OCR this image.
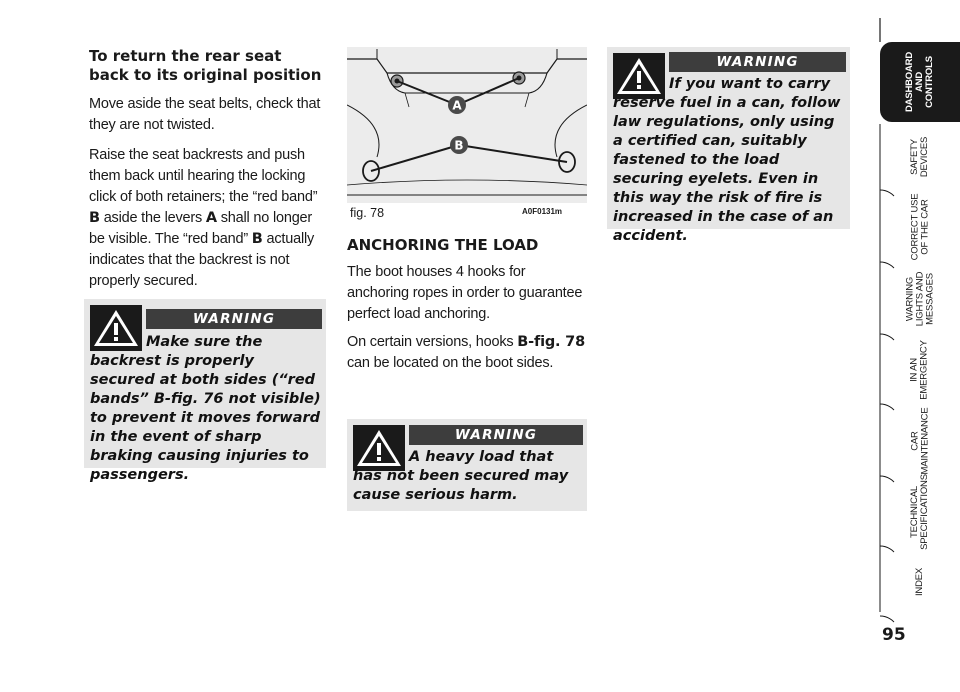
To return the rear seat
back to its original position

Move aside the seat belts, check that they are not twisted.

Raise the seat backrests and push them back until hearing the locking click of both retainers; the “red band” B aside the levers A shall no longer be visible. The “red band” B actually indicates that the backrest is not properly secured.

WARNING
Make sure the backrest is properly secured at both sides (“red bands” B-fig. 76 not visible) to prevent it moves forward in the event of sharp braking causing injuries to passengers.
A
B
fig. 78	A0F0131m
ANCHORING THE LOAD

The boot houses 4 hooks for anchoring ropes in order to guarantee perfect load anchoring.

On certain versions, hooks B-fig. 78 can be located on the boot sides.

WARNING
A heavy load that has not been secured may cause serious harm.
WARNING
If you want to carry reserve fuel in a can, follow law regulations, only using a certified can, suitably fastened to the load securing eyelets. Even in this way the risk of fire is increased in the case of an accident.
DASHBOARD
AND
CONTROLS
SAFETY
DEVICES
CORRECT USE
OF THE CAR
WARNING
LIGHTS AND
MESSAGES
IN AN
EMERGENCY
CAR
MAINTENANCE
TECHNICAL
SPECIFICATIONS
INDEX
95
